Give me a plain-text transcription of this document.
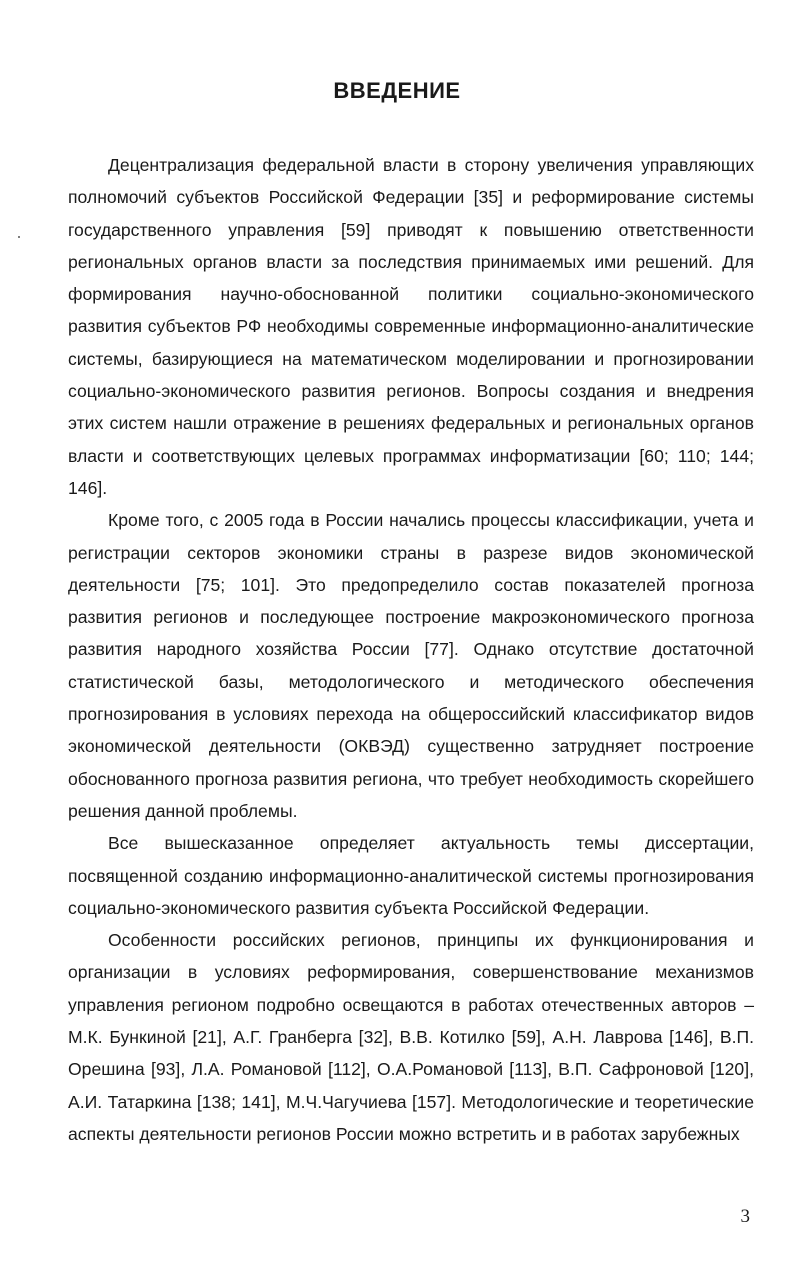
ВВЕДЕНИЕ

Децентрализация федеральной власти в сторону увеличения управляющих полномочий субъектов Российской Федерации [35] и реформирование системы государственного управления [59] приводят к повышению ответственности региональных органов власти за последствия принимаемых ими решений. Для формирования научно-обоснованной политики социально-экономического развития субъектов РФ необходимы современные информационно-аналитические системы, базирующиеся на математическом моделировании и прогнозировании социально-экономического развития регионов. Вопросы создания и внедрения этих систем нашли отражение в решениях федеральных и региональных органов власти и соответствующих целевых программах информатизации [60; 110; 144; 146].

Кроме того, с 2005 года в России начались процессы классификации, учета и регистрации секторов экономики страны в разрезе видов экономической деятельности [75; 101]. Это предопределило состав показателей прогноза развития регионов и последующее построение макроэкономического прогноза развития народного хозяйства России [77]. Однако отсутствие достаточной статистической базы, методологического и методического обеспечения прогнозирования в условиях перехода на общероссийский классификатор видов экономической деятельности (ОКВЭД) существенно затрудняет построение обоснованного прогноза развития региона, что требует необходимость скорейшего решения данной проблемы.

Все вышесказанное определяет актуальность темы диссертации, посвященной созданию информационно-аналитической системы прогнозирования социально-экономического развития субъекта Российской Федерации.

Особенности российских регионов, принципы их функционирования и организации в условиях реформирования, совершенствование механизмов управления регионом подробно освещаются в работах отечественных авторов – М.К. Бункиной [21], А.Г. Гранберга [32], В.В. Котилко [59], А.Н. Лаврова [146], В.П. Орешина [93], Л.А. Романовой [112], О.А.Романовой [113], В.П. Сафроновой [120], А.И. Татаркина [138; 141], М.Ч.Чагучиева [157]. Методологические и теоретические аспекты деятельности регионов России можно встретить и в работах зарубежных

3
